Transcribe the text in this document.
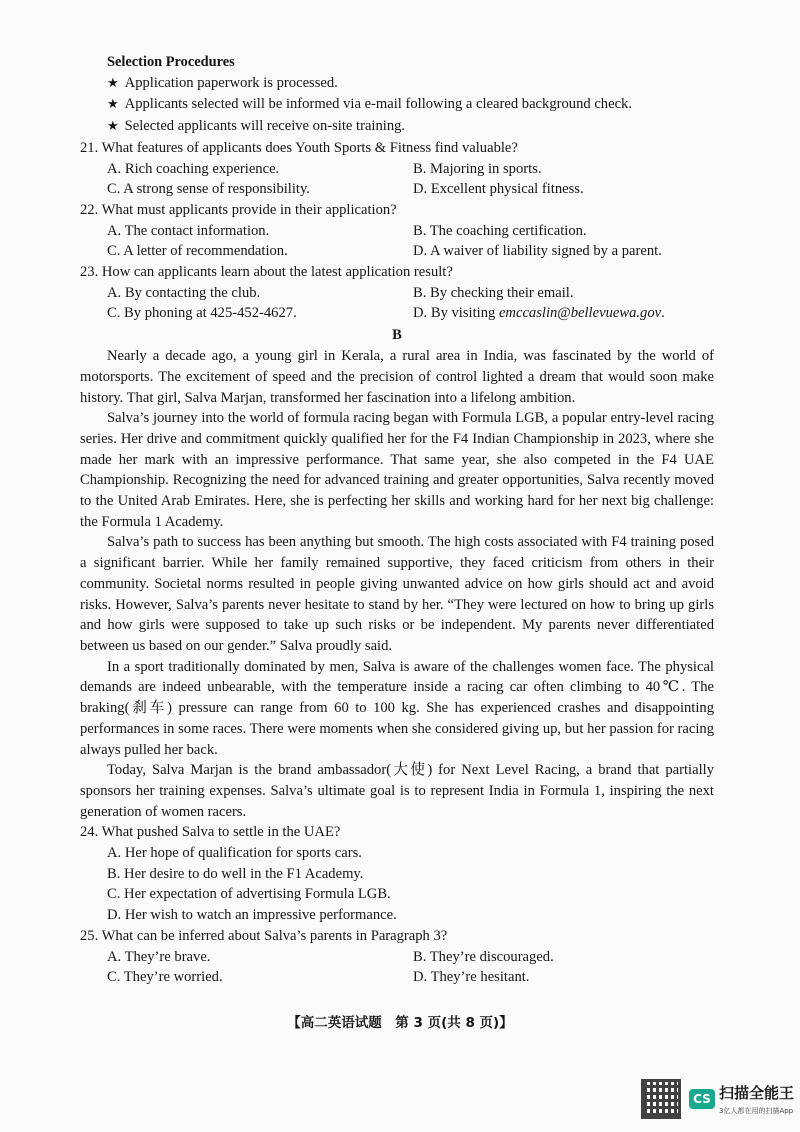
Selection Procedures
★ Application paperwork is processed.
★ Applicants selected will be informed via e-mail following a cleared background check.
★ Selected applicants will receive on-site training.
21. What features of applicants does Youth Sports & Fitness find valuable?
A. Rich coaching experience.	B. Majoring in sports.
C. A strong sense of responsibility.	D. Excellent physical fitness.
22. What must applicants provide in their application?
A. The contact information.	B. The coaching certification.
C. A letter of recommendation.	D. A waiver of liability signed by a parent.
23. How can applicants learn about the latest application result?
A. By contacting the club.	B. By checking their email.
C. By phoning at 425-452-4627.	D. By visiting emccaslin@bellevuewa.gov.
B
Nearly a decade ago, a young girl in Kerala, a rural area in India, was fascinated by the world of motorsports. The excitement of speed and the precision of control lighted a dream that would soon make history. That girl, Salva Marjan, transformed her fascination into a lifelong ambition.
Salva’s journey into the world of formula racing began with Formula LGB, a popular entry-level racing series. Her drive and commitment quickly qualified her for the F4 Indian Championship in 2023, where she made her mark with an impressive performance. That same year, she also competed in the F4 UAE Championship. Recognizing the need for advanced training and greater opportunities, Salva recently moved to the United Arab Emirates. Here, she is perfecting her skills and working hard for her next big challenge: the Formula 1 Academy.
Salva’s path to success has been anything but smooth. The high costs associated with F4 training posed a significant barrier. While her family remained supportive, they faced criticism from others in their community. Societal norms resulted in people giving unwanted advice on how girls should act and avoid risks. However, Salva’s parents never hesitate to stand by her. “They were lectured on how to bring up girls and how girls were supposed to take up such risks or be independent. My parents never differentiated between us based on our gender.” Salva proudly said.
In a sport traditionally dominated by men, Salva is aware of the challenges women face. The physical demands are indeed unbearable, with the temperature inside a racing car often climbing to 40℃. The braking(刹车) pressure can range from 60 to 100 kg. She has experienced crashes and disappointing performances in some races. There were moments when she considered giving up, but her passion for racing always pulled her back.
Today, Salva Marjan is the brand ambassador(大使) for Next Level Racing, a brand that partially sponsors her training expenses. Salva’s ultimate goal is to represent India in Formula 1, inspiring the next generation of women racers.
24. What pushed Salva to settle in the UAE?
A. Her hope of qualification for sports cars.
B. Her desire to do well in the F1 Academy.
C. Her expectation of advertising Formula LGB.
D. Her wish to watch an impressive performance.
25. What can be inferred about Salva’s parents in Paragraph 3?
A. They’re brave.	B. They’re discouraged.
C. They’re worried.	D. They’re hesitant.
【高二英语试题　第 3 页(共 8 页)】
CS 扫描全能王
3亿人都在用的扫描App
